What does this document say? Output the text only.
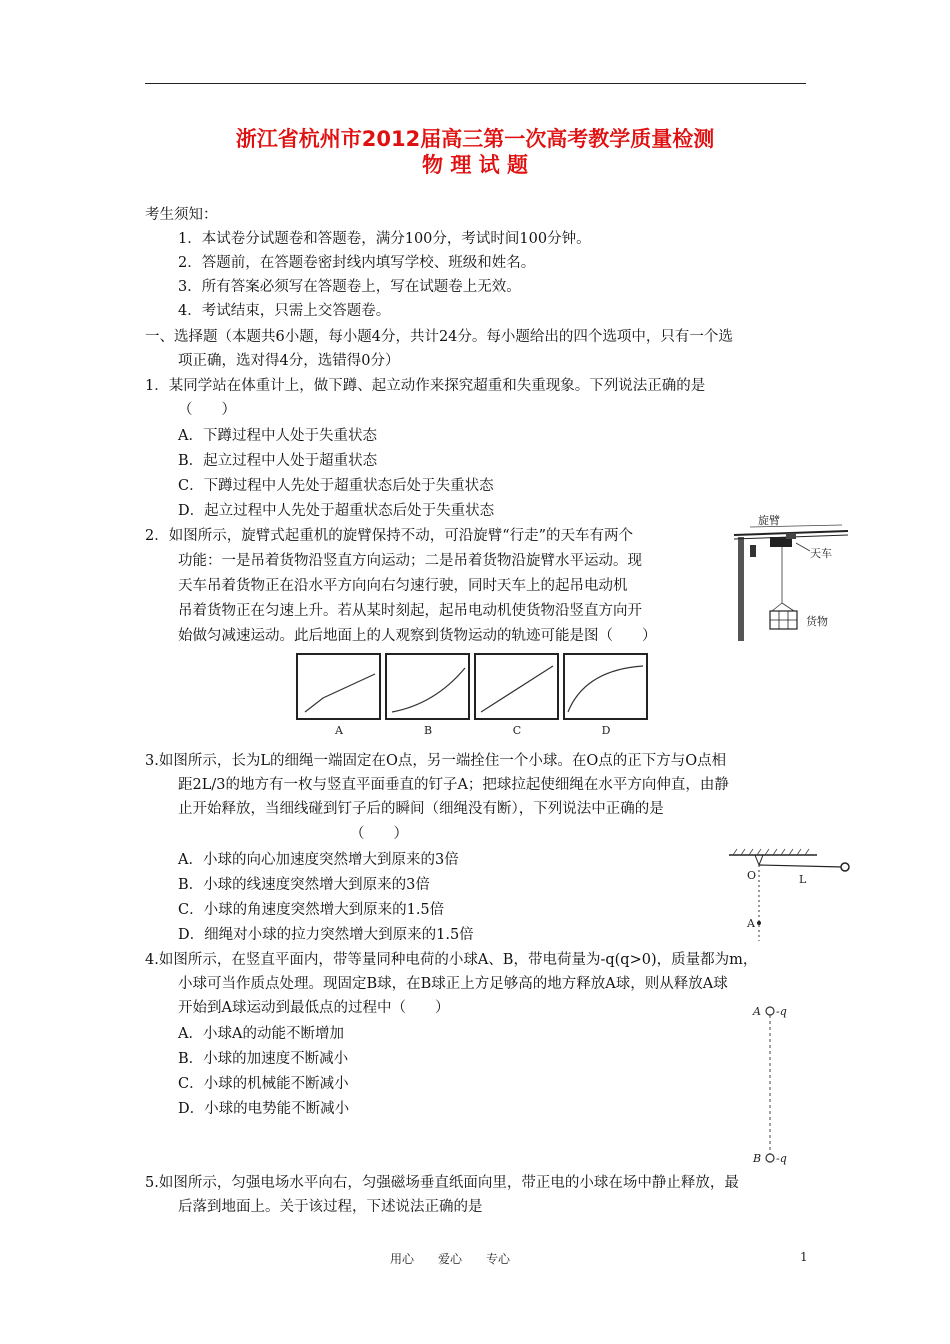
浙江省杭州市2012届高三第一次高考教学质量检测
物 理 试 题
考生须知：
1．本试卷分试题卷和答题卷，满分100分，考试时间100分钟。
2．答题前，在答题卷密封线内填写学校、班级和姓名。
3．所有答案必须写在答题卷上，写在试题卷上无效。
4．考试结束，只需上交答题卷。
一、选择题（本题共6小题，每小题4分，共计24分。每小题给出的四个选项中，只有一个选
项正确，选对得4分，选错得0分）
1．某同学站在体重计上，做下蹲、起立动作来探究超重和失重现象。下列说法正确的是
（　　）
A．下蹲过程中人处于失重状态
B．起立过程中人处于超重状态
C．下蹲过程中人先处于超重状态后处于失重状态
D．起立过程中人先处于超重状态后处于失重状态
2．如图所示，旋臂式起重机的旋臂保持不动，可沿旋臂“行走”的天车有两个
功能：一是吊着货物沿竖直方向运动；二是吊着货物沿旋臂水平运动。现
天车吊着货物正在沿水平方向向右匀速行驶，同时天车上的起吊电动机
吊着货物正在匀速上升。若从某时刻起，起吊电动机使货物沿竖直方向开
始做匀减速运动。此后地面上的人观察到货物运动的轨迹可能是图（　　）
旋臂
天车
货物
A	B	C	D
3.如图所示，长为L的细绳一端固定在O点，另一端拴住一个小球。在O点的正下方与O点相
距2L/3的地方有一枚与竖直平面垂直的钉子A；把球拉起使细绳在水平方向伸直，由静
止开始释放，当细线碰到钉子后的瞬间（细绳没有断），下列说法中正确的是
（　　）
A．小球的向心加速度突然增大到原来的3倍
B．小球的线速度突然增大到原来的3倍
C．小球的角速度突然增大到原来的1.5倍
D．细绳对小球的拉力突然增大到原来的1.5倍
O	L
A
4.如图所示，在竖直平面内，带等量同种电荷的小球A、B，带电荷量为-q(q>0)，质量都为m，
小球可当作质点处理。现固定B球，在B球正上方足够高的地方释放A球，则从释放A球
开始到A球运动到最低点的过程中（　　）
A．小球A的动能不断增加
B．小球的加速度不断减小
C．小球的机械能不断减小
D．小球的电势能不断减小
A -q
B -q
5.如图所示，匀强电场水平向右，匀强磁场垂直纸面向里，带正电的小球在场中静止释放，最
后落到地面上。关于该过程，下述说法正确的是
用心　　爱心　　专心	1
